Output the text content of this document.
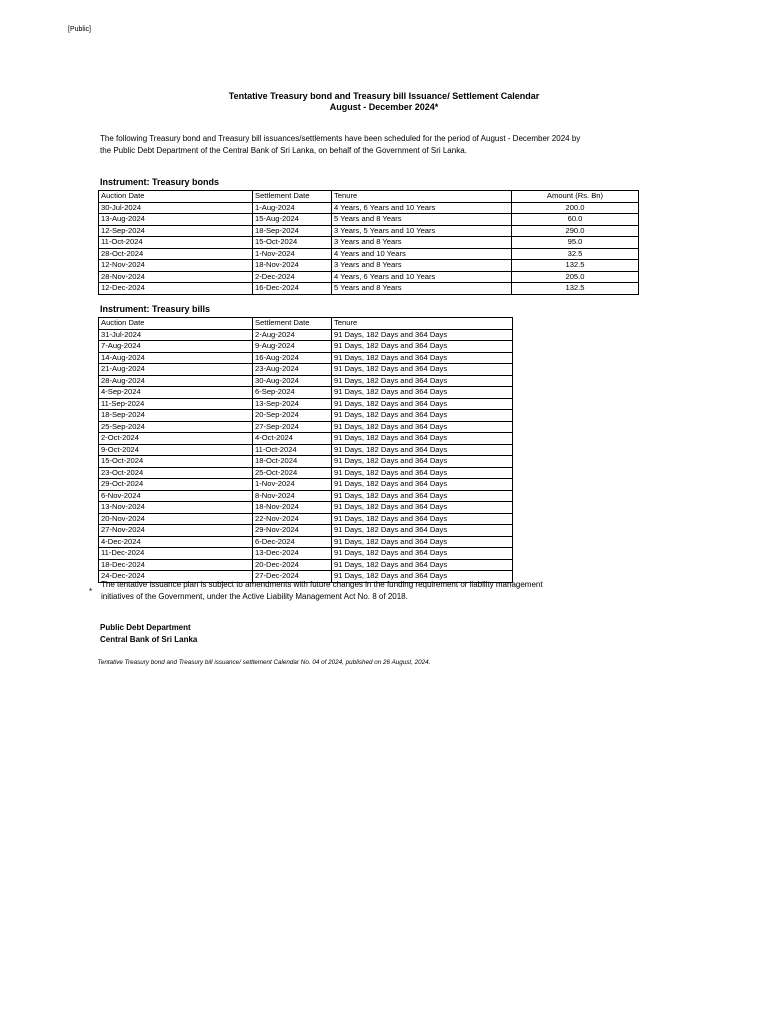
[Public]
Tentative Treasury bond and Treasury bill Issuance/ Settlement Calendar
August - December 2024*
The following Treasury bond and Treasury bill issuances/settlements have been scheduled for the period of August - December 2024 by
the Public Debt Department of the Central Bank of Sri Lanka, on behalf of the Government of Sri Lanka.
Instrument: Treasury bonds
Auction Date	Settlement Date	Tenure	Amount (Rs. Bn)
30-Jul-2024	1-Aug-2024	4 Years, 6 Years and 10 Years	200.0
13-Aug-2024	15-Aug-2024	5 Years and 8 Years	60.0
12-Sep-2024	18-Sep-2024	3 Years, 5 Years and 10 Years	290.0
11-Oct-2024	15-Oct-2024	3 Years and 8 Years	95.0
28-Oct-2024	1-Nov-2024	4 Years and 10 Years	32.5
12-Nov-2024	18-Nov-2024	3 Years and 8 Years	132.5
28-Nov-2024	2-Dec-2024	4 Years, 6 Years and 10 Years	205.0
12-Dec-2024	16-Dec-2024	5 Years and 8 Years	132.5
Instrument: Treasury bills
Auction Date	Settlement Date	Tenure
31-Jul-2024	2-Aug-2024	91 Days, 182 Days and 364 Days
7-Aug-2024	9-Aug-2024	91 Days, 182 Days and 364 Days
14-Aug-2024	16-Aug-2024	91 Days, 182 Days and 364 Days
21-Aug-2024	23-Aug-2024	91 Days, 182 Days and 364 Days
28-Aug-2024	30-Aug-2024	91 Days, 182 Days and 364 Days
4-Sep-2024	6-Sep-2024	91 Days, 182 Days and 364 Days
11-Sep-2024	13-Sep-2024	91 Days, 182 Days and 364 Days
18-Sep-2024	20-Sep-2024	91 Days, 182 Days and 364 Days
25-Sep-2024	27-Sep-2024	91 Days, 182 Days and 364 Days
2-Oct-2024	4-Oct-2024	91 Days, 182 Days and 364 Days
9-Oct-2024	11-Oct-2024	91 Days, 182 Days and 364 Days
15-Oct-2024	18-Oct-2024	91 Days, 182 Days and 364 Days
23-Oct-2024	25-Oct-2024	91 Days, 182 Days and 364 Days
29-Oct-2024	1-Nov-2024	91 Days, 182 Days and 364 Days
6-Nov-2024	8-Nov-2024	91 Days, 182 Days and 364 Days
13-Nov-2024	18-Nov-2024	91 Days, 182 Days and 364 Days
20-Nov-2024	22-Nov-2024	91 Days, 182 Days and 364 Days
27-Nov-2024	29-Nov-2024	91 Days, 182 Days and 364 Days
4-Dec-2024	6-Dec-2024	91 Days, 182 Days and 364 Days
11-Dec-2024	13-Dec-2024	91 Days, 182 Days and 364 Days
18-Dec-2024	20-Dec-2024	91 Days, 182 Days and 364 Days
24-Dec-2024	27-Dec-2024	91 Days, 182 Days and 364 Days
*
The tentative issuance plan is subject to amendments with future changes in the funding requirement or liability management
initiatives of the Government, under the Active Liability Management Act No. 8 of 2018.
Public Debt Department
Central Bank of Sri Lanka
Tentative Treasury bond and Treasury bill issuance/ settlement Calendar No. 04 of 2024, published on 26 August, 2024.
